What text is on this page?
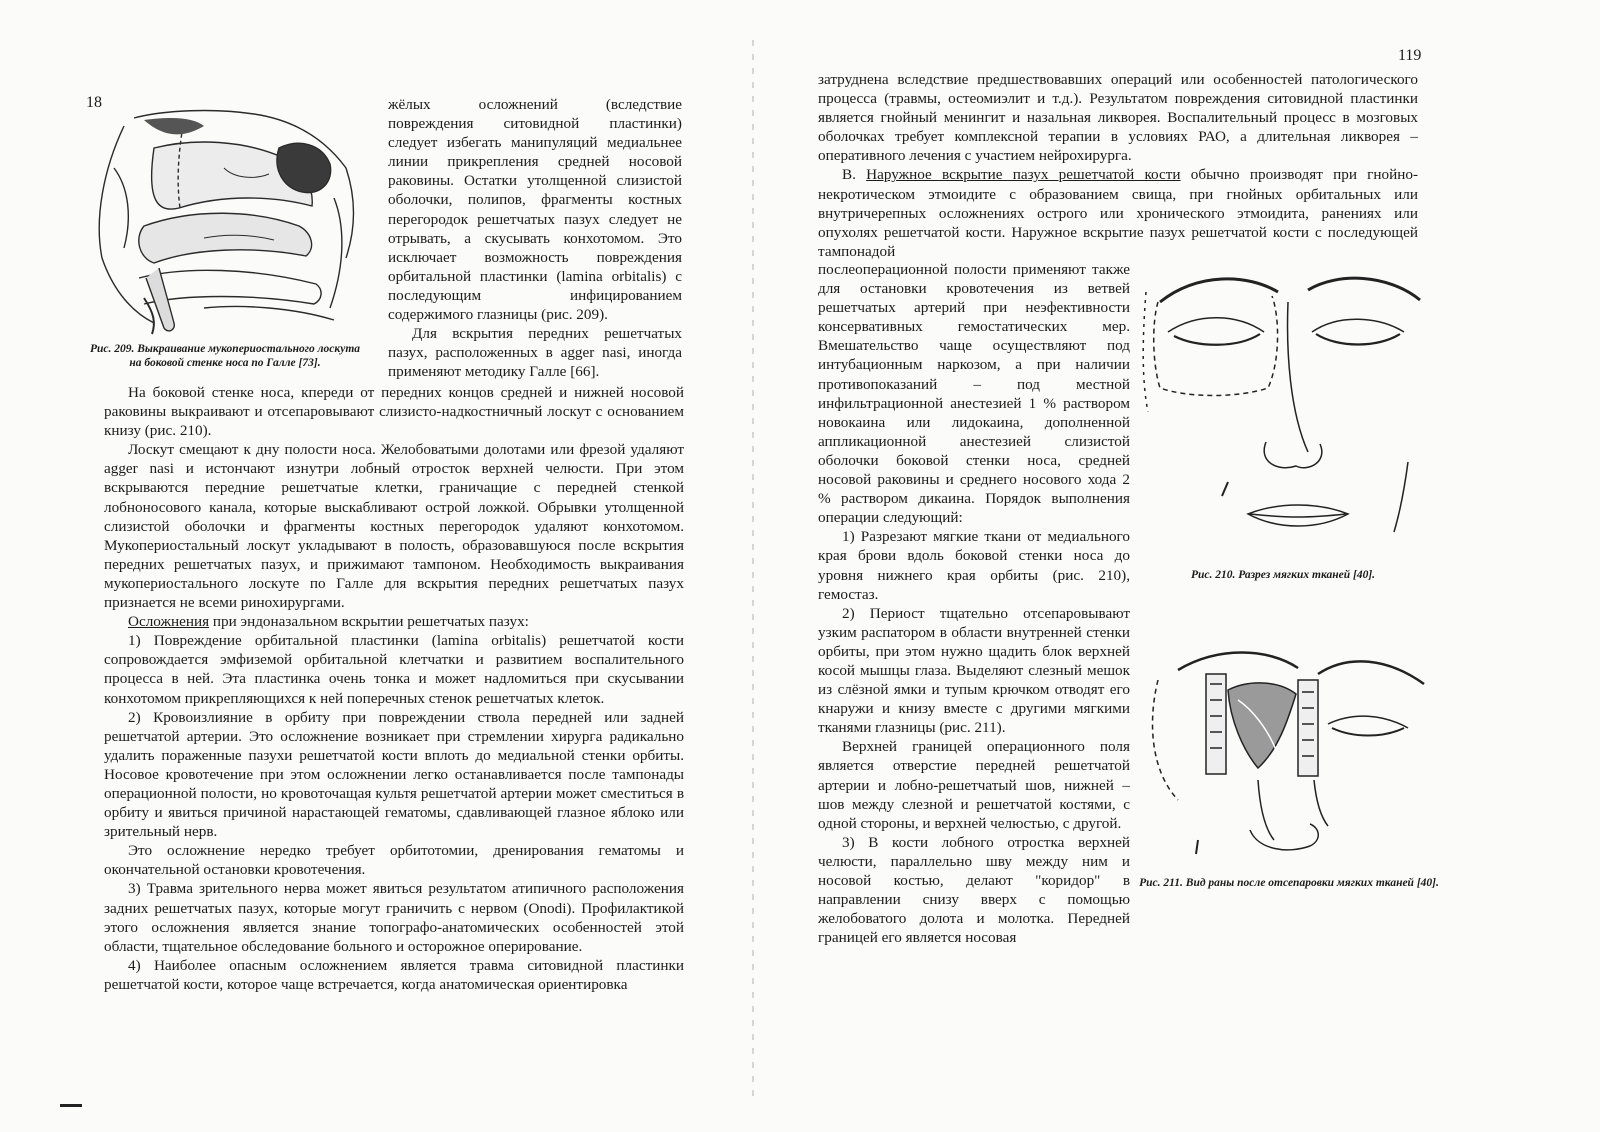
18
Рис. 209. Выкраивание мукопериостального лоскута на боковой стенке носа по Галле [73].

жёлых осложнений (вследствие повреждения ситовидной пластинки) следует избегать манипуляций медиальнее линии прикрепления средней носовой раковины. Остатки утолщенной слизистой оболочки, полипов, фрагменты костных перегородок решетчатых пазух следует не отрывать, а скусывать конхотомом. Это исключает возможность повреждения орбитальной пластинки (lamina orbitalis) с последующим инфицированием содержимого глазницы (рис. 209).

Для вскрытия передних решетчатых пазух, расположенных в agger nasi, иногда применяют методику Галле [66].

На боковой стенке носа, кпереди от передних концов средней и нижней носовой раковины выкраивают и отсепаровывают слизисто-надкостничный лоскут с основанием книзу (рис. 210).

Лоскут смещают к дну полости носа. Желобоватыми долотами или фрезой удаляют agger nasi и истончают изнутри лобный отросток верхней челюсти. При этом вскрываются передние решетчатые клетки, граничащие с передней стенкой лобноносового канала, которые выскабливают острой ложкой. Обрывки утолщенной слизистой оболочки и фрагменты костных перегородок удаляют конхотомом. Мукопериостальный лоскут укладывают в полость, образовавшуюся после вскрытия передних решетчатых пазух, и прижимают тампоном. Необходимость выкраивания мукопериостального лоскуте по Галле для вскрытия передних решетчатых пазух признается не всеми ринохирургами.

Осложнения при эндоназальном вскрытии решетчатых пазух:

1) Повреждение орбитальной пластинки (lamina orbitalis) решетчатой кости сопровождается эмфиземой орбитальной клетчатки и развитием воспалительного процесса в ней. Эта пластинка очень тонка и может надломиться при скусывании конхотомом прикрепляющихся к ней поперечных стенок решетчатых клеток.

2) Кровоизлияние в орбиту при повреждении ствола передней или задней решетчатой артерии. Это осложнение возникает при стремлении хирурга радикально удалить пораженные пазухи решетчатой кости вплоть до медиальной стенки орбиты. Носовое кровотечение при этом осложнении легко останавливается после тампонады операционной полости, но кровоточащая культя решетчатой артерии может сместиться в орбиту и явиться причиной нарастающей гематомы, сдавливающей глазное яблоко или зрительный нерв.

Это осложнение нередко требует орбитотомии, дренирования гематомы и окончательной остановки кровотечения.

3) Травма зрительного нерва может явиться результатом атипичного расположения задних решетчатых пазух, которые могут граничить с нервом (Onodi). Профилактикой этого осложнения является знание топографо-анатомических особенностей этой области, тщательное обследование больного и осторожное оперирование.

4) Наиболее опасным осложнением является травма ситовидной пластинки решетчатой кости, которое чаще встречается, когда анатомическая ориентировка

119

затруднена вследствие предшествовавших операций или особенностей патологического процесса (травмы, остеомиэлит и т.д.). Результатом повреждения ситовидной пластинки является гнойный менингит и назальная ликворея. Воспалительный процесс в мозговых оболочках требует комплексной терапии в условиях РАО, а длительная ликворея – оперативного лечения с участием нейрохирурга.

В. Наружное вскрытие пазух решетчатой кости обычно производят при гнойно-некротическом этмоидите с образованием свища, при гнойных орбитальных или внутричерепных осложнениях острого или хронического этмоидита, ранениях или опухолях решетчатой кости. Наружное вскрытие пазух решетчатой кости с последующей тампонадой

послеоперационной полости применяют также для остановки кровотечения из ветвей решетчатых артерий при неэфективности консервативных гемостатических мер. Вмешательство чаще осуществляют под интубационным наркозом, а при наличии противопоказаний – под местной инфильтрационной анестезией 1 % раствором новокаина или лидокаина, дополненной аппликационной анестезией слизистой оболочки боковой стенки носа, средней носовой раковины и среднего носового хода 2 % раствором дикаина. Порядок выполнения операции следующий:

1) Разрезают мягкие ткани от медиального края брови вдоль боковой стенки носа до уровня нижнего края орбиты (рис. 210), гемостаз.

2) Периост тщательно отсепаровывают узким распатором в области внутренней стенки орбиты, при этом нужно щадить блок верхней косой мышцы глаза. Выделяют слезный мешок из слёзной ямки и тупым крючком отводят его кнаружи и книзу вместе с другими мягкими тканями глазницы (рис. 211).

Верхней границей операционного поля является отверстие передней решетчатой артерии и лобно-решетчатый шов, нижней – шов между слезной и решетчатой костями, с одной стороны, и верхней челюстью, с другой.

3) В кости лобного отростка верхней челюсти, параллельно шву между ним и носовой костью, делают "коридор" в направлении снизу вверх с помощью желобоватого долота и молотка. Передней границей его является носовая

Рис. 210. Разрез мягких тканей [40].
Рис. 211. Вид раны после отсепаровки мягких тканей [40].
